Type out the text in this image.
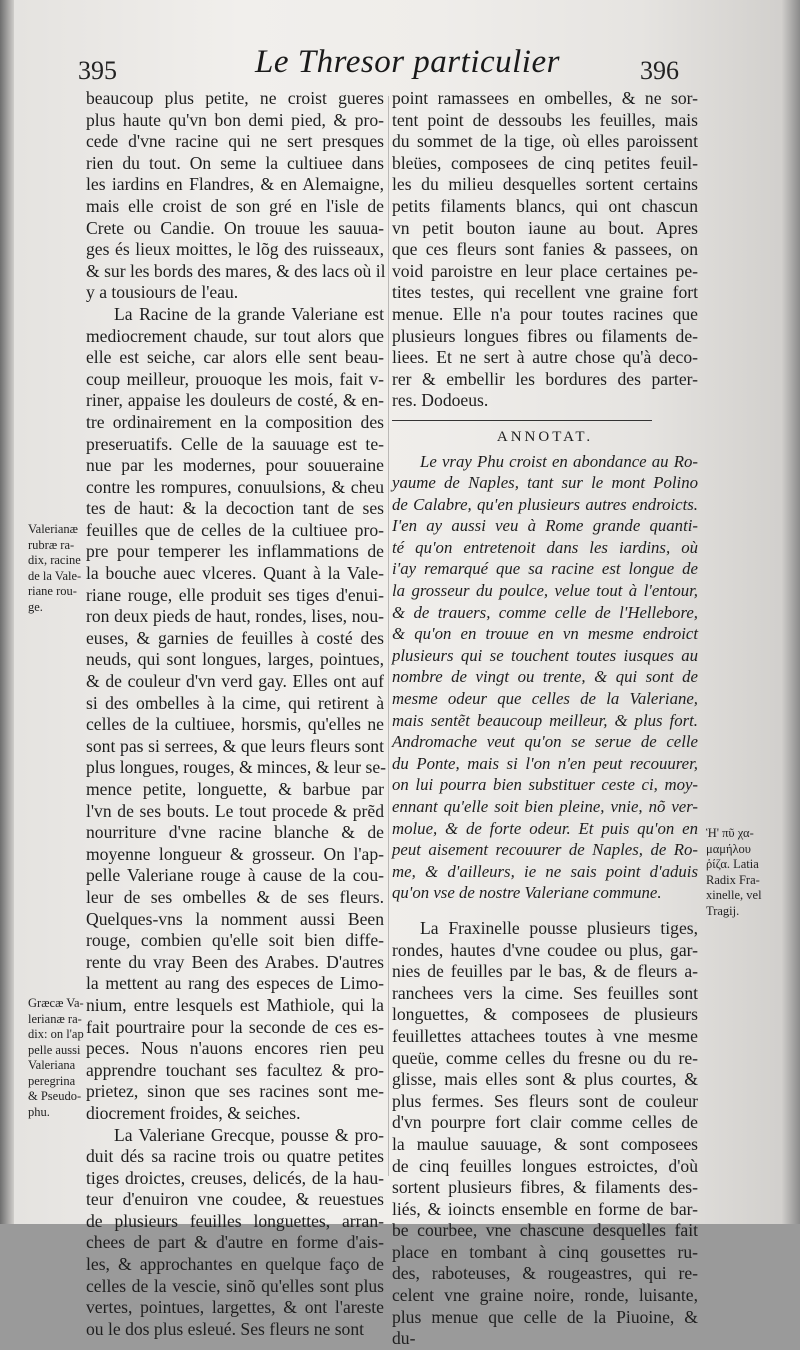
395	Le Thresor particulier	396
beaucoup plus petite, ne croist gueres
plus haute qu'vn bon demi pied, & pro-
cede d'vne racine qui ne sert presques
rien du tout. On seme la cultiuee dans
les iardins en Flandres, & en Alemaigne,
mais elle croist de son gré en l'isle de
Crete ou Candie. On trouue les sauua-
ges és lieux moittes, le lõg des ruisseaux,
& sur les bords des mares, & des lacs où il
y a tousiours de l'eau.
La Racine de la grande Valeriane est
mediocrement chaude, sur tout alors que
elle est seiche, car alors elle sent beau-
coup meilleur, prouoque les mois, fait v-
riner, appaise les douleurs de costé, & en-
tre ordinairement en la composition des
preseruatifs. Celle de la sauuage est te-
nue par les modernes, pour souueraine
contre les rompures, conuulsions, & cheu
tes de haut: & la decoction tant de ses
feuilles que de celles de la cultiuee pro-
pre pour temperer les inflammations de
la bouche auec vlceres. Quant à la Vale-
riane rouge, elle produit ses tiges d'enui-
ron deux pieds de haut, rondes, lises, nou-
euses, & garnies de feuilles à costé des
neuds, qui sont longues, larges, pointues,
& de couleur d'vn verd gay. Elles ont auf
si des ombelles à la cime, qui retirent à
celles de la cultiuee, horsmis, qu'elles ne
sont pas si serrees, & que leurs fleurs sont
plus longues, rouges, & minces, & leur se-
mence petite, longuette, & barbue par
l'vn de ses bouts. Le tout procede & prẽd
nourriture d'vne racine blanche & de
moyenne longueur & grosseur. On l'ap-
pelle Valeriane rouge à cause de la cou-
leur de ses ombelles & de ses fleurs.
Quelques-vns la nomment aussi Been
rouge, combien qu'elle soit bien diffe-
rente du vray Been des Arabes. D'autres
la mettent au rang des especes de Limo-
nium, entre lesquels est Mathiole, qui la
fait pourtraire pour la seconde de ces es-
peces. Nous n'auons encores rien peu
apprendre touchant ses facultez & pro-
prietez, sinon que ses racines sont me-
diocrement froides, & seiches.
La Valeriane Grecque, pousse & pro-
duit dés sa racine trois ou quatre petites
tiges droictes, creuses, delicés, de la hau-
teur d'enuiron vne coudee, & reuestues
de plusieurs feuilles longuettes, arran-
chees de part & d'autre en forme d'ais-
les, & approchantes en quelque faço de
celles de la vescie, sinõ qu'elles sont plus
vertes, pointues, largettes, & ont l'areste
ou le dos plus esleué. Ses fleurs ne sont
point ramassees en ombelles, & ne sor-
tent point de dessoubs les feuilles, mais
du sommet de la tige, où elles paroissent
bleües, composees de cinq petites feuil-
les du milieu desquelles sortent certains
petits filaments blancs, qui ont chascun
vn petit bouton iaune au bout. Apres
que ces fleurs sont fanies & passees, on
void paroistre en leur place certaines pe-
tites testes, qui recellent vne graine fort
menue. Elle n'a pour toutes racines que
plusieurs longues fibres ou filaments de-
liees. Et ne sert à autre chose qu'à deco-
rer & embellir les bordures des parter-
res. Dodoeus.
ANNOTAT.
Le vray Phu croist en abondance au Ro-
yaume de Naples, tant sur le mont Polino
de Calabre, qu'en plusieurs autres endroicts.
I'en ay aussi veu à Rome grande quanti-
té qu'on entretenoit dans les iardins, où
i'ay remarqué que sa racine est longue de
la grosseur du poulce, velue tout à l'entour,
& de trauers, comme celle de l'Hellebore,
& qu'on en trouue en vn mesme endroict
plusieurs qui se touchent toutes iusques au
nombre de vingt ou trente, & qui sont de
mesme odeur que celles de la Valeriane,
mais sentẽt beaucoup meilleur, & plus fort.
Andromache veut qu'on se serue de celle
du Ponte, mais si l'on n'en peut recouurer,
on lui pourra bien substituer ceste ci, moy-
ennant qu'elle soit bien pleine, vnie, nõ ver-
molue, & de forte odeur. Et puis qu'on en
peut aisement recouurer de Naples, de Ro-
me, & d'ailleurs, ie ne sais point d'aduis
qu'on vse de nostre Valeriane commune.
La Fraxinelle pousse plusieurs tiges,
rondes, hautes d'vne coudee ou plus, gar-
nies de feuilles par le bas, & de fleurs a-
ranchees vers la cime. Ses feuilles sont
longuettes, & composees de plusieurs
feuillettes attachees toutes à vne mesme
queüe, comme celles du fresne ou du re-
glisse, mais elles sont & plus courtes, &
plus fermes. Ses fleurs sont de couleur
d'vn pourpre fort clair comme celles de
la maulue sauuage, & sont composees
de cinq feuilles longues estroictes, d'où
sortent plusieurs fibres, & filaments des-
liés, & ioincts ensemble en forme de bar-
be courbee, vne chascune desquelles fait
place en tombant à cinq gousettes ru-
des, raboteuses, & rougeastres, qui re-
celent vne graine noire, ronde, luisante,
plus menue que celle de la Piuoine, &
du-
Valerianæ
rubræ ra-
dix, racine
de la Vale-
riane rou-
ge.
Græcæ Va-
lerianæ ra-
dix: on l'ap
pelle aussi
Valeriana
peregrina
& Pseudo-
phu.
Ἡ' πῦ χα-
μαμήλου
ῥίζα. Latia
Radix Fra-
xinelle, vel
Tragij.
